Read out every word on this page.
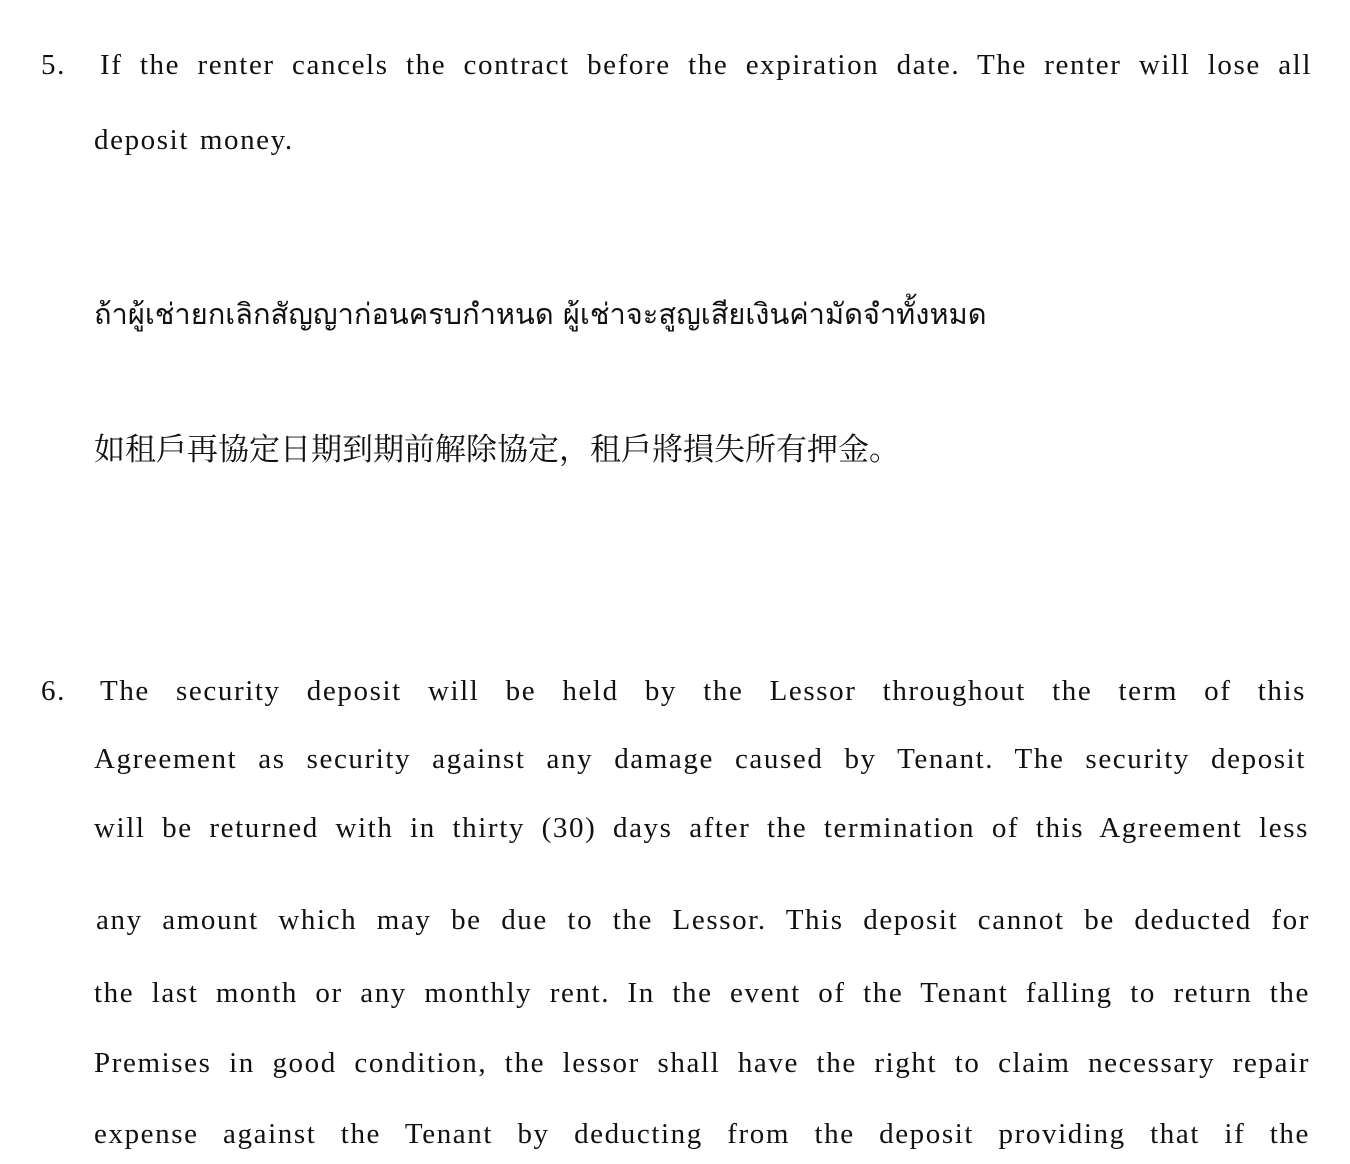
5. If the renter cancels the contract before the expiration date. The renter will lose all
deposit money.
ถ้าผู้เช่ายกเลิกสัญญาก่อนครบกำหนด ผู้เช่าจะสูญเสียเงินค่ามัดจำทั้งหมด
如租戶再協定日期到期前解除協定，租戶將損失所有押金。
6. The security deposit will be held by the Lessor throughout the term of this
Agreement as security against any damage caused by Tenant. The security deposit
will be returned with in thirty (30) days after the termination of this Agreement less
any amount which may be due to the Lessor. This deposit cannot be deducted for
the last month or any monthly rent. In the event of the Tenant falling to return the
Premises in good condition, the lessor shall have the right to claim necessary repair
expense against the Tenant by deducting from the deposit providing that if the
